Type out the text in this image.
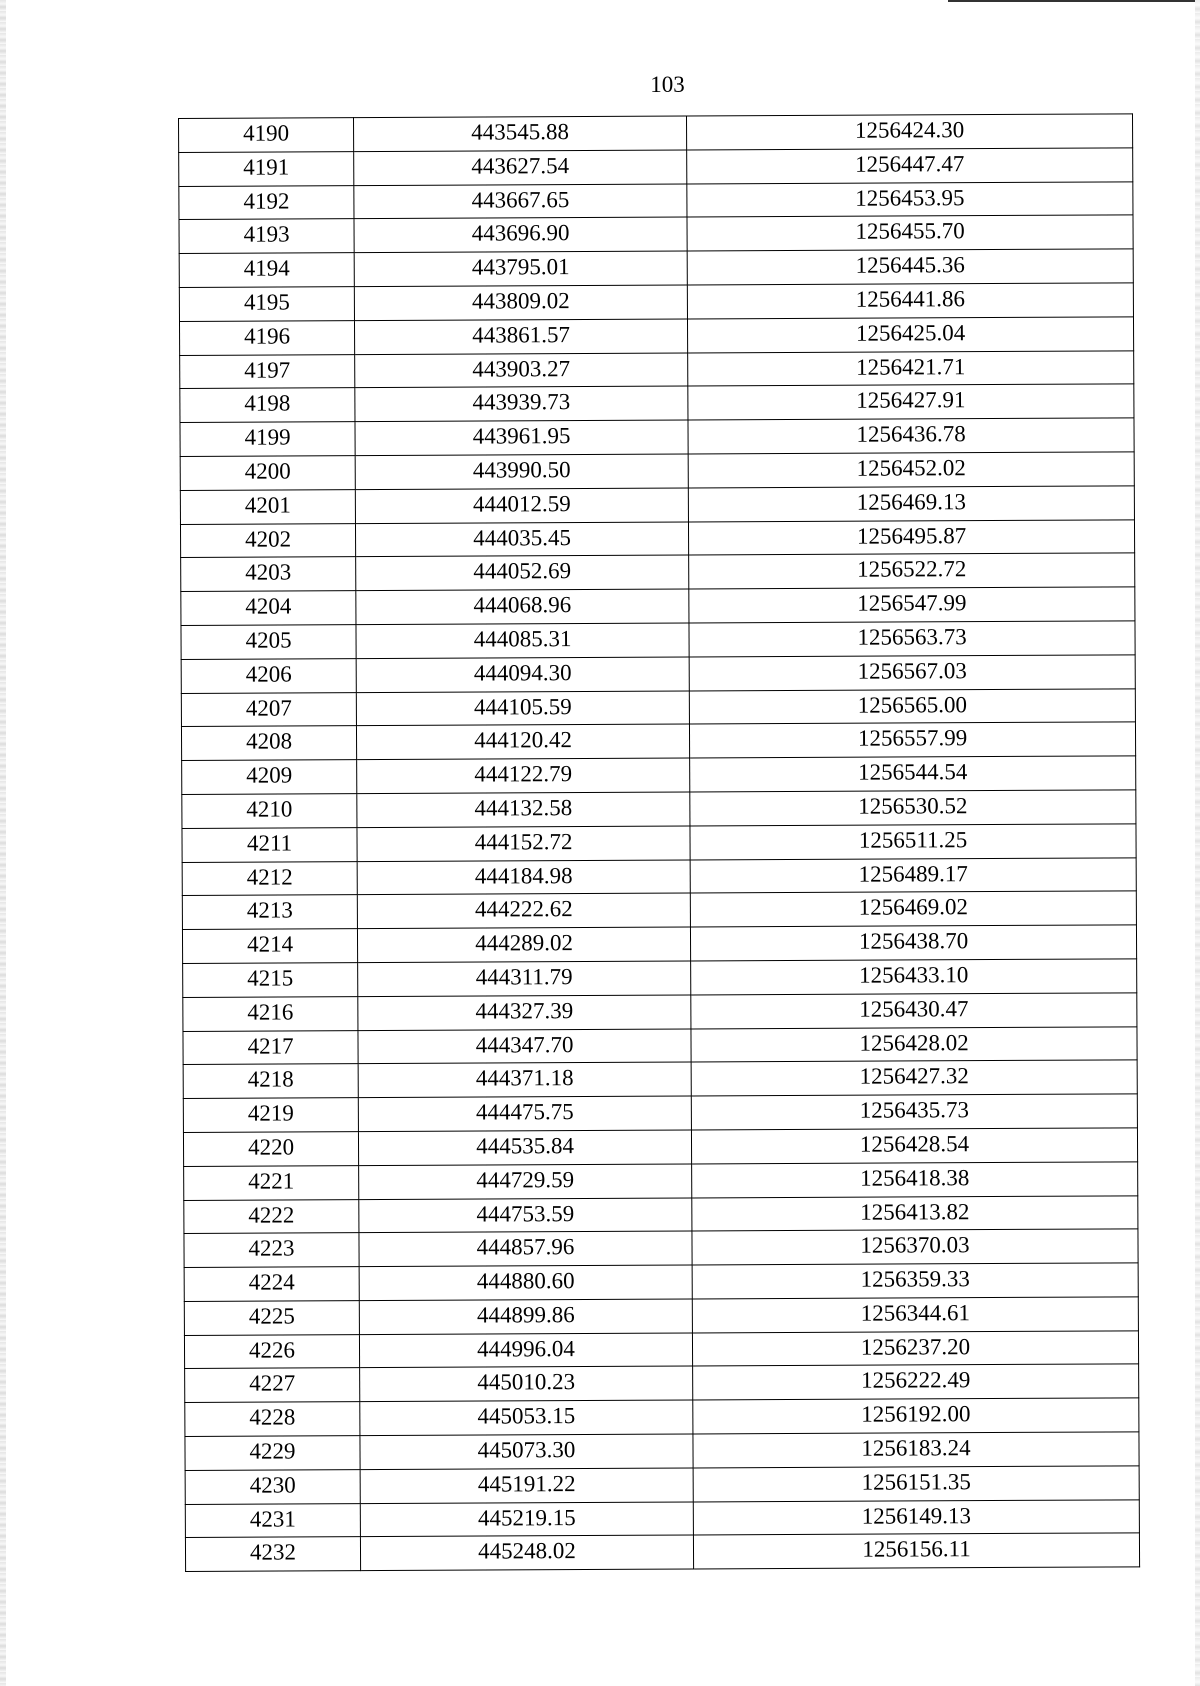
103
4190	443545.88	1256424.30
4191	443627.54	1256447.47
4192	443667.65	1256453.95
4193	443696.90	1256455.70
4194	443795.01	1256445.36
4195	443809.02	1256441.86
4196	443861.57	1256425.04
4197	443903.27	1256421.71
4198	443939.73	1256427.91
4199	443961.95	1256436.78
4200	443990.50	1256452.02
4201	444012.59	1256469.13
4202	444035.45	1256495.87
4203	444052.69	1256522.72
4204	444068.96	1256547.99
4205	444085.31	1256563.73
4206	444094.30	1256567.03
4207	444105.59	1256565.00
4208	444120.42	1256557.99
4209	444122.79	1256544.54
4210	444132.58	1256530.52
4211	444152.72	1256511.25
4212	444184.98	1256489.17
4213	444222.62	1256469.02
4214	444289.02	1256438.70
4215	444311.79	1256433.10
4216	444327.39	1256430.47
4217	444347.70	1256428.02
4218	444371.18	1256427.32
4219	444475.75	1256435.73
4220	444535.84	1256428.54
4221	444729.59	1256418.38
4222	444753.59	1256413.82
4223	444857.96	1256370.03
4224	444880.60	1256359.33
4225	444899.86	1256344.61
4226	444996.04	1256237.20
4227	445010.23	1256222.49
4228	445053.15	1256192.00
4229	445073.30	1256183.24
4230	445191.22	1256151.35
4231	445219.15	1256149.13
4232	445248.02	1256156.11
